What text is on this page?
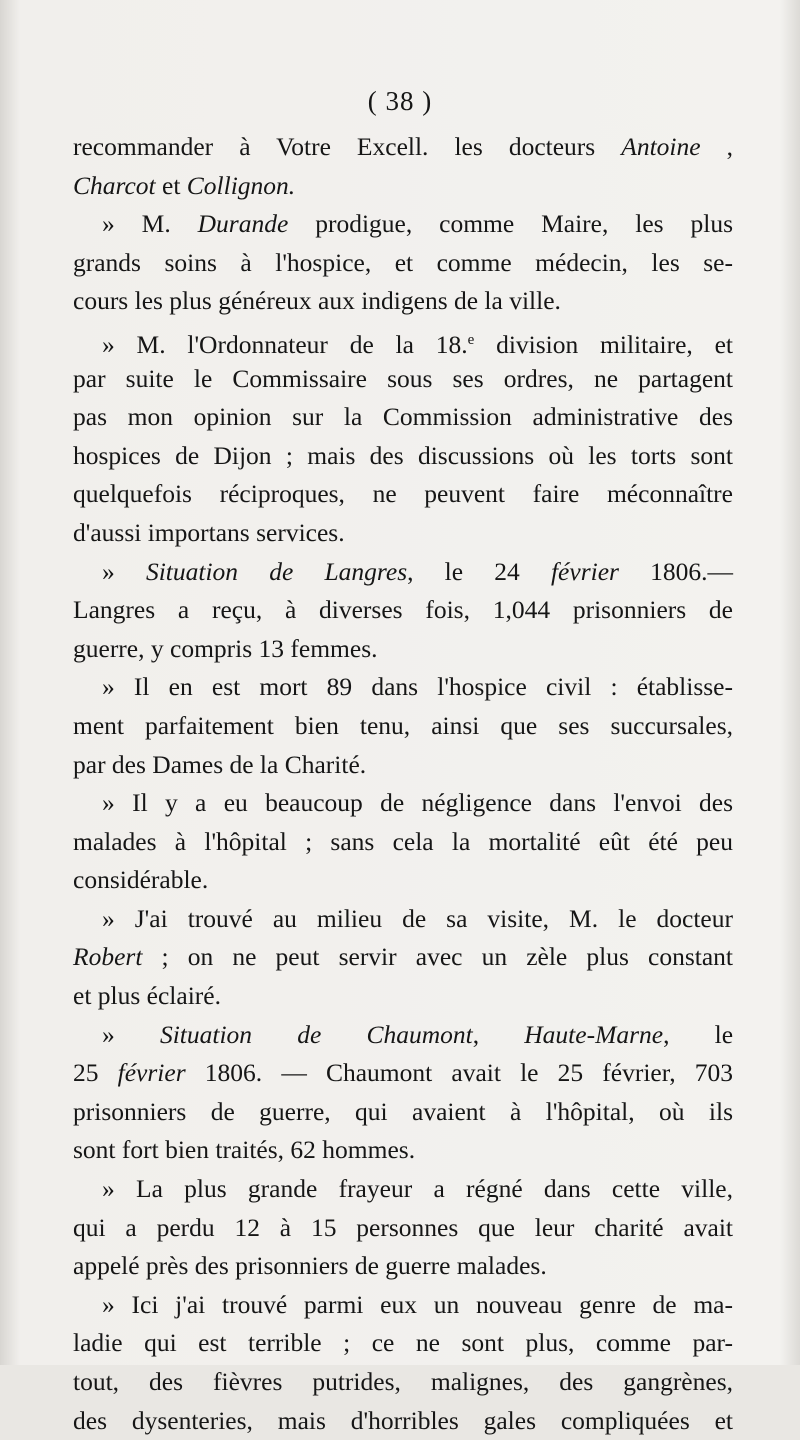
( 38 )
recommander à Votre Excell. les docteurs Antoine ,
Charcot et Collignon.
» M. Durande prodigue, comme Maire, les plus
grands soins à l'hospice, et comme médecin, les se-
cours les plus généreux aux indigens de la ville.
» M. l'Ordonnateur de la 18.$^e$ division militaire, et
par suite le Commissaire sous ses ordres, ne partagent
pas mon opinion sur la Commission administrative des
hospices de Dijon ; mais des discussions où les torts sont
quelquefois réciproques, ne peuvent faire méconnaître
d'aussi importans services.
» Situation de Langres, le 24 février 1806.—
Langres a reçu, à diverses fois, 1,044 prisonniers de
guerre, y compris 13 femmes.
» Il en est mort 89 dans l'hospice civil : établisse-
ment parfaitement bien tenu, ainsi que ses succursales,
par des Dames de la Charité.
» Il y a eu beaucoup de négligence dans l'envoi des
malades à l'hôpital ; sans cela la mortalité eût été peu
considérable.
» J'ai trouvé au milieu de sa visite, M. le docteur
Robert ; on ne peut servir avec un zèle plus constant
et plus éclairé.
» Situation de Chaumont, Haute-Marne, le
25 février 1806. — Chaumont avait le 25 février, 703
prisonniers de guerre, qui avaient à l'hôpital, où ils
sont fort bien traités, 62 hommes.
» La plus grande frayeur a régné dans cette ville,
qui a perdu 12 à 15 personnes que leur charité avait
appelé près des prisonniers de guerre malades.
» Ici j'ai trouvé parmi eux un nouveau genre de ma-
ladie qui est terrible ; ce ne sont plus, comme par-
tout, des fièvres putrides, malignes, des gangrènes,
des dysenteries, mais d'horribles gales compliquées et
